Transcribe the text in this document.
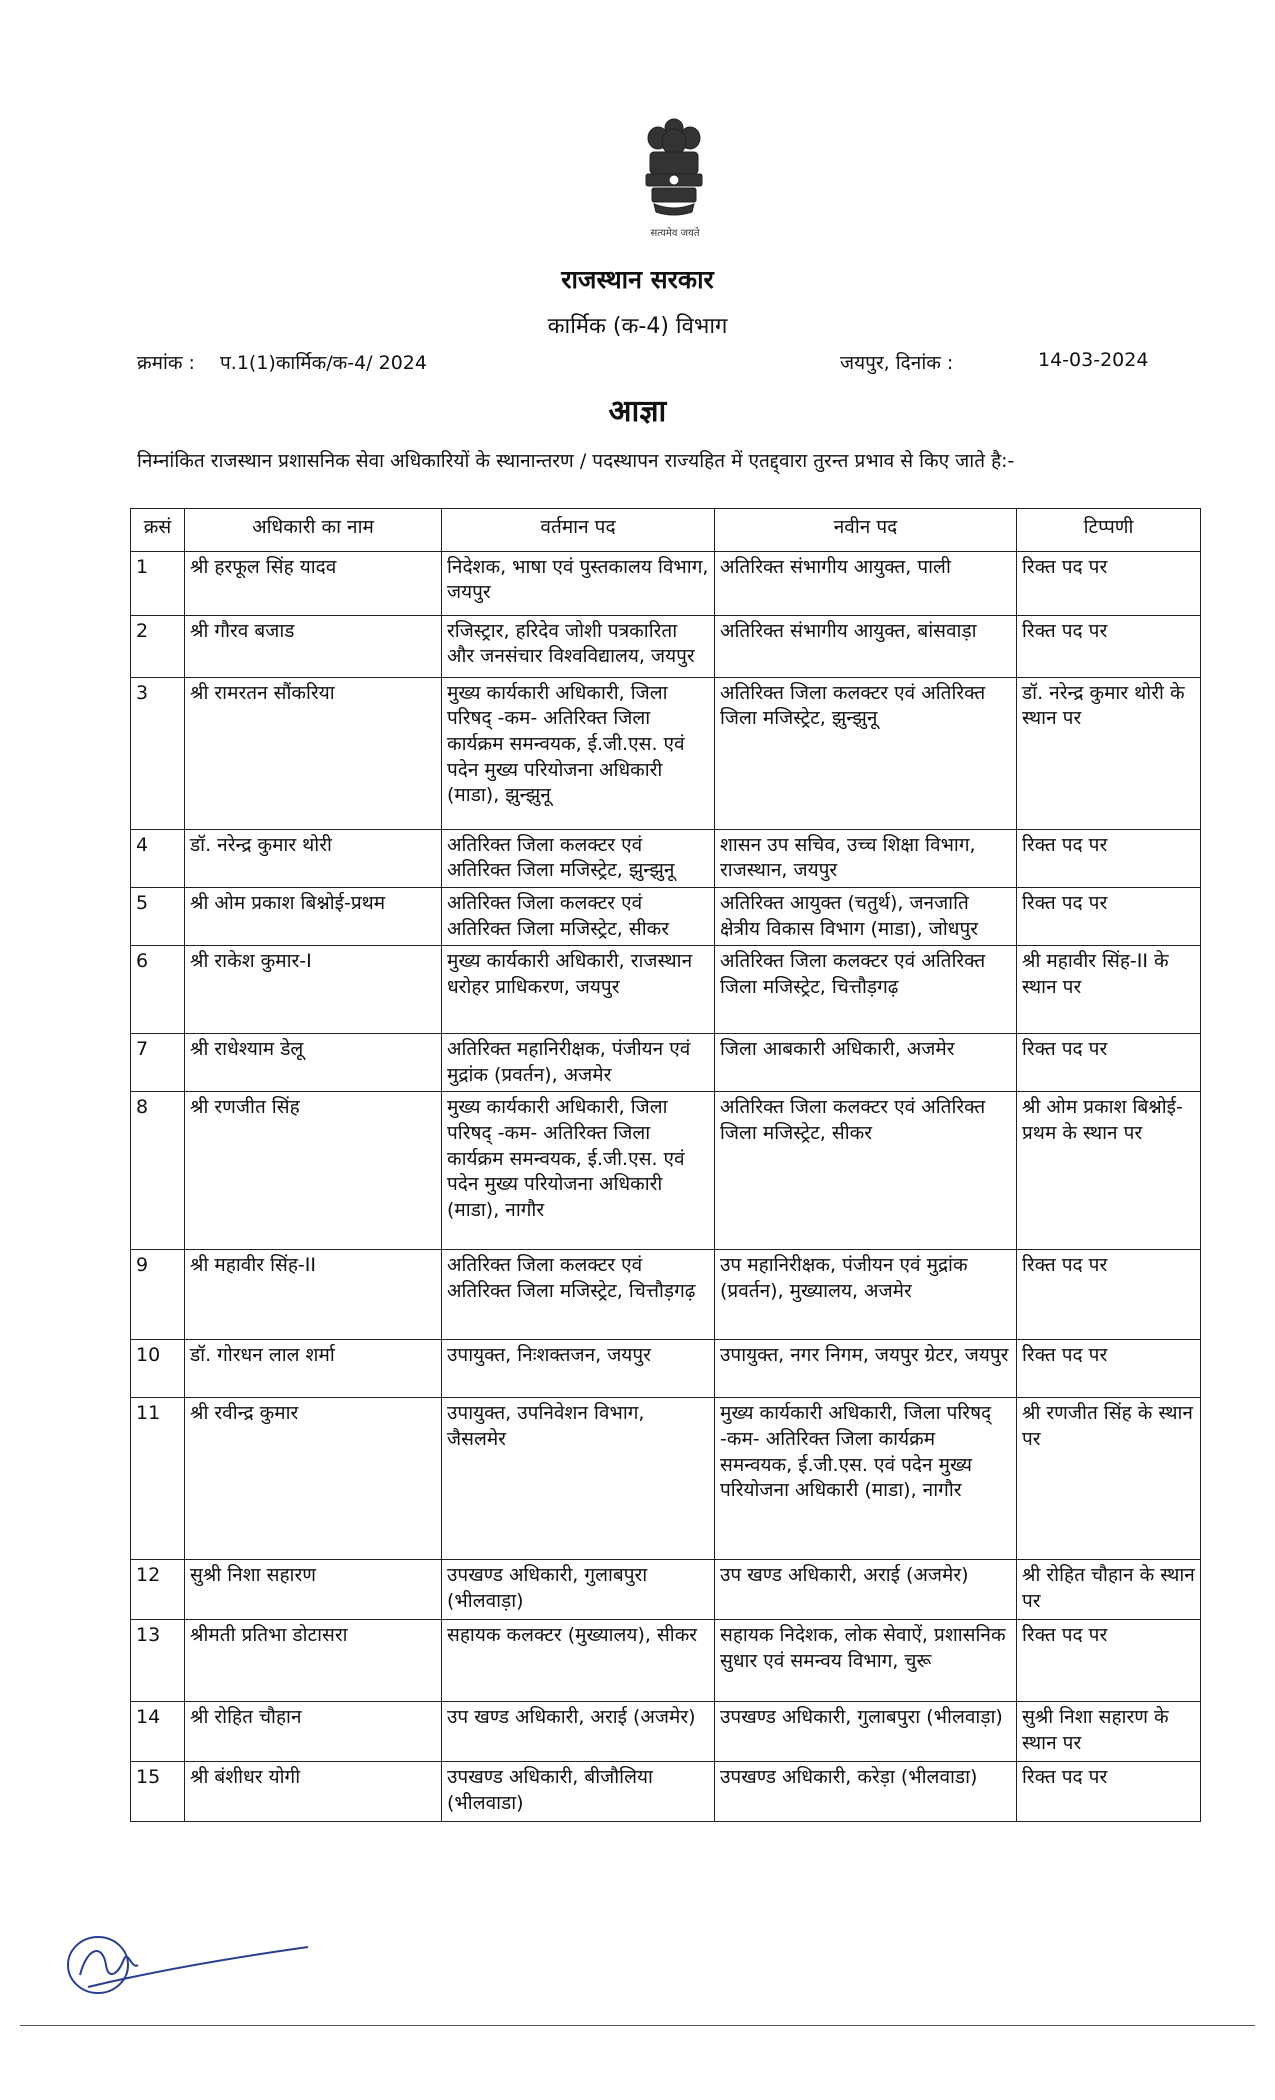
सत्यमेव जयते
राजस्थान सरकार
कार्मिक (क-4) विभाग
क्रमांक : प.1(1)कार्मिक/क-4/ 2024	जयपुर, दिनांक :	14-03-2024
आज्ञा
निम्नांकित राजस्थान प्रशासनिक सेवा अधिकारियों के स्थानान्तरण / पदस्थापन राज्यहित में एतद्द्वारा तुरन्त प्रभाव से किए जाते है:-
क्रसं	अधिकारी का नाम	वर्तमान पद	नवीन पद	टिप्पणी
1	श्री हरफूल सिंह यादव	निदेशक, भाषा एवं पुस्तकालय विभाग, जयपुर	अतिरिक्त संभागीय आयुक्त, पाली	रिक्त पद पर
2	श्री गौरव बजाड	रजिस्ट्रार, हरिदेव जोशी पत्रकारिता और जनसंचार विश्वविद्यालय, जयपुर	अतिरिक्त संभागीय आयुक्त, बांसवाड़ा	रिक्त पद पर
3	श्री रामरतन सौंकरिया	मुख्य कार्यकारी अधिकारी, जिला परिषद् -कम- अतिरिक्त जिला कार्यक्रम समन्वयक, ई.जी.एस. एवं पदेन मुख्य परियोजना अधिकारी (माडा), झुन्झुनू	अतिरिक्त जिला कलक्टर एवं अतिरिक्त जिला मजिस्ट्रेट, झुन्झुनू	डॉ. नरेन्द्र कुमार थोरी के स्थान पर
4	डॉ. नरेन्द्र कुमार थोरी	अतिरिक्त जिला कलक्टर एवं अतिरिक्त जिला मजिस्ट्रेट, झुन्झुनू	शासन उप सचिव, उच्च शिक्षा विभाग, राजस्थान, जयपुर	रिक्त पद पर
5	श्री ओम प्रकाश बिश्नोई-प्रथम	अतिरिक्त जिला कलक्टर एवं अतिरिक्त जिला मजिस्ट्रेट, सीकर	अतिरिक्त आयुक्त (चतुर्थ), जनजाति क्षेत्रीय विकास विभाग (माडा), जोधपुर	रिक्त पद पर
6	श्री राकेश कुमार-I	मुख्य कार्यकारी अधिकारी, राजस्थान धरोहर प्राधिकरण, जयपुर	अतिरिक्त जिला कलक्टर एवं अतिरिक्त जिला मजिस्ट्रेट, चित्तौड़गढ़	श्री महावीर सिंह-II के स्थान पर
7	श्री राधेश्याम डेलू	अतिरिक्त महानिरीक्षक, पंजीयन एवं मुद्रांक (प्रवर्तन), अजमेर	जिला आबकारी अधिकारी, अजमेर	रिक्त पद पर
8	श्री रणजीत सिंह	मुख्य कार्यकारी अधिकारी, जिला परिषद् -कम- अतिरिक्त जिला कार्यक्रम समन्वयक, ई.जी.एस. एवं पदेन मुख्य परियोजना अधिकारी (माडा), नागौर	अतिरिक्त जिला कलक्टर एवं अतिरिक्त जिला मजिस्ट्रेट, सीकर	श्री ओम प्रकाश बिश्नोई-प्रथम के स्थान पर
9	श्री महावीर सिंह-II	अतिरिक्त जिला कलक्टर एवं अतिरिक्त जिला मजिस्ट्रेट, चित्तौड़गढ़	उप महानिरीक्षक, पंजीयन एवं मुद्रांक (प्रवर्तन), मुख्यालय, अजमेर	रिक्त पद पर
10	डॉ. गोरधन लाल शर्मा	उपायुक्त, निःशक्तजन, जयपुर	उपायुक्त, नगर निगम, जयपुर ग्रेटर, जयपुर	रिक्त पद पर
11	श्री रवीन्द्र कुमार	उपायुक्त, उपनिवेशन विभाग, जैसलमेर	मुख्य कार्यकारी अधिकारी, जिला परिषद् -कम- अतिरिक्त जिला कार्यक्रम समन्वयक, ई.जी.एस. एवं पदेन मुख्य परियोजना अधिकारी (माडा), नागौर	श्री रणजीत सिंह के स्थान पर
12	सुश्री निशा सहारण	उपखण्ड अधिकारी, गुलाबपुरा (भीलवाड़ा)	उप खण्ड अधिकारी, अराई (अजमेर)	श्री रोहित चौहान के स्थान पर
13	श्रीमती प्रतिभा डोटासरा	सहायक कलक्टर (मुख्यालय), सीकर	सहायक निदेशक, लोक सेवाऐं, प्रशासनिक सुधार एवं समन्वय विभाग, चुरू	रिक्त पद पर
14	श्री रोहित चौहान	उप खण्ड अधिकारी, अराई (अजमेर)	उपखण्ड अधिकारी, गुलाबपुरा (भीलवाड़ा)	सुश्री निशा सहारण के स्थान पर
15	श्री बंशीधर योगी	उपखण्ड अधिकारी, बीजौलिया (भीलवाडा)	उपखण्ड अधिकारी, करेड़ा (भीलवाडा)	रिक्त पद पर
